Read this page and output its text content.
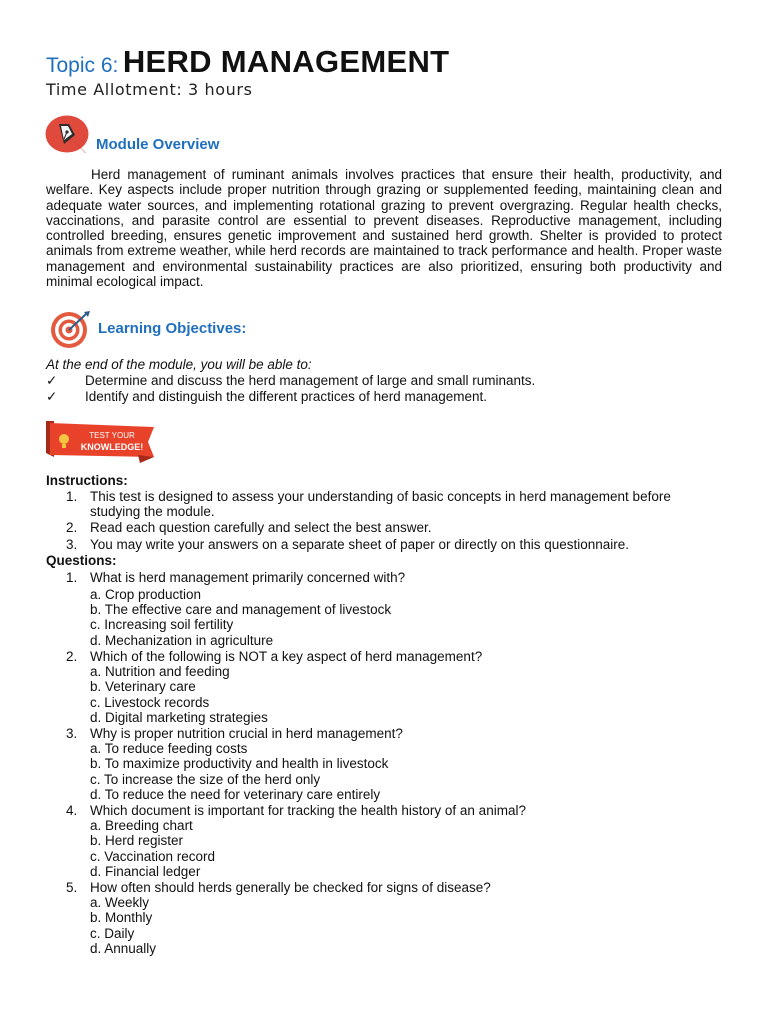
Topic 6: HERD MANAGEMENT
Time Allotment: 3 hours
Module Overview
Herd management of ruminant animals involves practices that ensure their health, productivity, and welfare. Key aspects include proper nutrition through grazing or supplemented feeding, maintaining clean and adequate water sources, and implementing rotational grazing to prevent overgrazing. Regular health checks, vaccinations, and parasite control are essential to prevent diseases. Reproductive management, including controlled breeding, ensures genetic improvement and sustained herd growth. Shelter is provided to protect animals from extreme weather, while herd records are maintained to track performance and health. Proper waste management and environmental sustainability practices are also prioritized, ensuring both productivity and minimal ecological impact.
Learning Objectives:
At the end of the module, you will be able to:
✓ Determine and discuss the herd management of large and small ruminants.
✓ Identify and distinguish the different practices of herd management.
TEST YOUR
KNOWLEDGE!
Instructions:
1. This test is designed to assess your understanding of basic concepts in herd management before
studying the module.
2. Read each question carefully and select the best answer.
3. You may write your answers on a separate sheet of paper or directly on this questionnaire.
Questions:
1. What is herd management primarily concerned with?
a. Crop production
b. The effective care and management of livestock
c. Increasing soil fertility
d. Mechanization in agriculture
2. Which of the following is NOT a key aspect of herd management?
a. Nutrition and feeding
b. Veterinary care
c. Livestock records
d. Digital marketing strategies
3. Why is proper nutrition crucial in herd management?
a. To reduce feeding costs
b. To maximize productivity and health in livestock
c. To increase the size of the herd only
d. To reduce the need for veterinary care entirely
4. Which document is important for tracking the health history of an animal?
a. Breeding chart
b. Herd register
c. Vaccination record
d. Financial ledger
5. How often should herds generally be checked for signs of disease?
a. Weekly
b. Monthly
c. Daily
d. Annually
